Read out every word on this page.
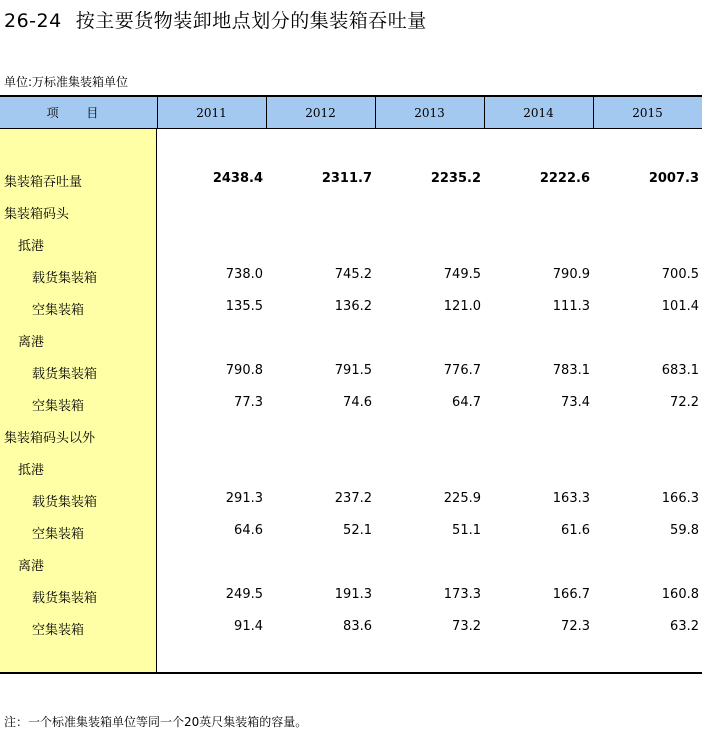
26-24 按主要货物装卸地点划分的集装箱吞吐量
单位:万标准集装箱单位
项 目	2011	2012	2013	2014	2015
集装箱吞吐量	2438.4	2311.7	2235.2	2222.6	2007.3
集装箱码头
抵港
载货集装箱	738.0	745.2	749.5	790.9	700.5
空集装箱	135.5	136.2	121.0	111.3	101.4
离港
载货集装箱	790.8	791.5	776.7	783.1	683.1
空集装箱	77.3	74.6	64.7	73.4	72.2
集装箱码头以外
抵港
载货集装箱	291.3	237.2	225.9	163.3	166.3
空集装箱	64.6	52.1	51.1	61.6	59.8
离港
载货集装箱	249.5	191.3	173.3	166.7	160.8
空集装箱	91.4	83.6	73.2	72.3	63.2
注：一个标准集装箱单位等同一个20英尺集装箱的容量。
